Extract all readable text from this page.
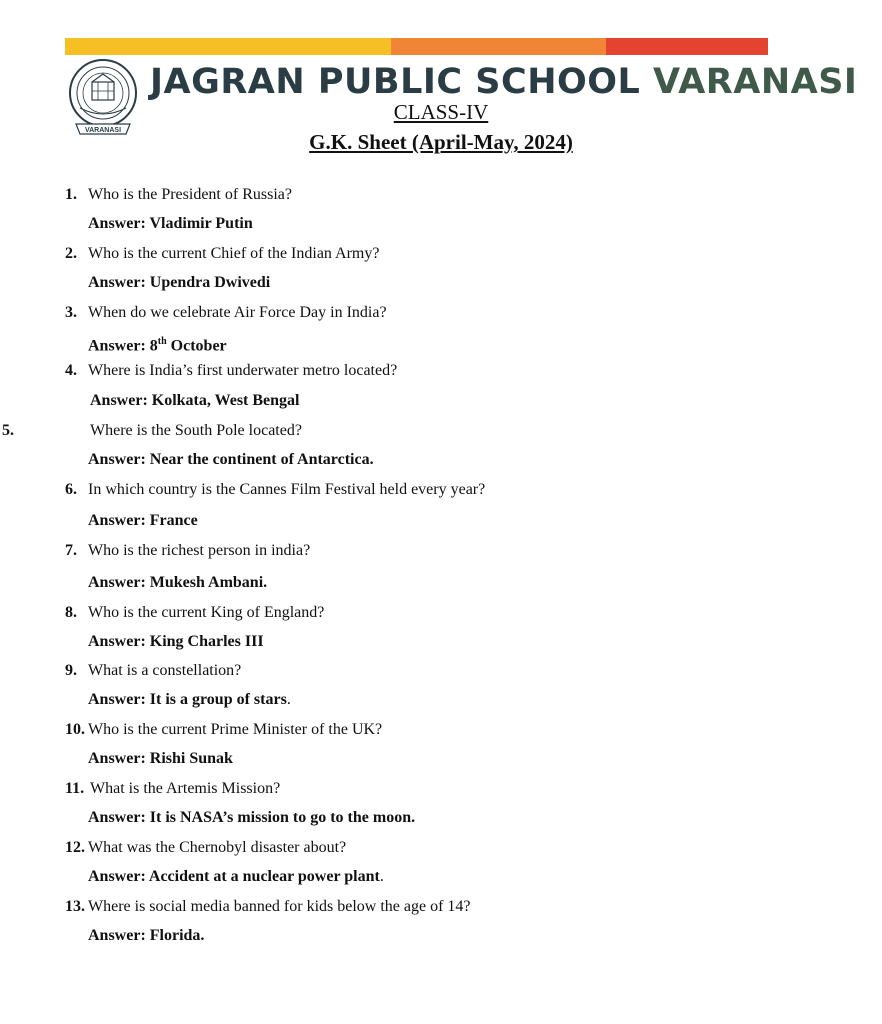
VARANASI
JAGRAN PUBLIC SCHOOL VARANASI
CLASS-IV
G.K. Sheet (April-May, 2024)
1. Who is the President of Russia?
Answer: Vladimir Putin
2. Who is the current Chief of the Indian Army?
Answer: Upendra Dwivedi
3. When do we celebrate Air Force Day in India?
Answer: 8th October
4. Where is India’s first underwater metro located?
Answer: Kolkata, West Bengal
5.	Where is the South Pole located?
Answer: Near the continent of Antarctica.
6. In which country is the Cannes Film Festival held every year?
Answer: France
7. Who is the richest person in india?
Answer: Mukesh Ambani.
8. Who is the current King of England?
Answer: King Charles III
9. What is a constellation?
Answer: It is a group of stars.
10. Who is the current Prime Minister of the UK?
Answer: Rishi Sunak
11. What is the Artemis Mission?
Answer: It is NASA’s mission to go to the moon.
12. What was the Chernobyl disaster about?
Answer: Accident at a nuclear power plant.
13. Where is social media banned for kids below the age of 14?
Answer: Florida.
